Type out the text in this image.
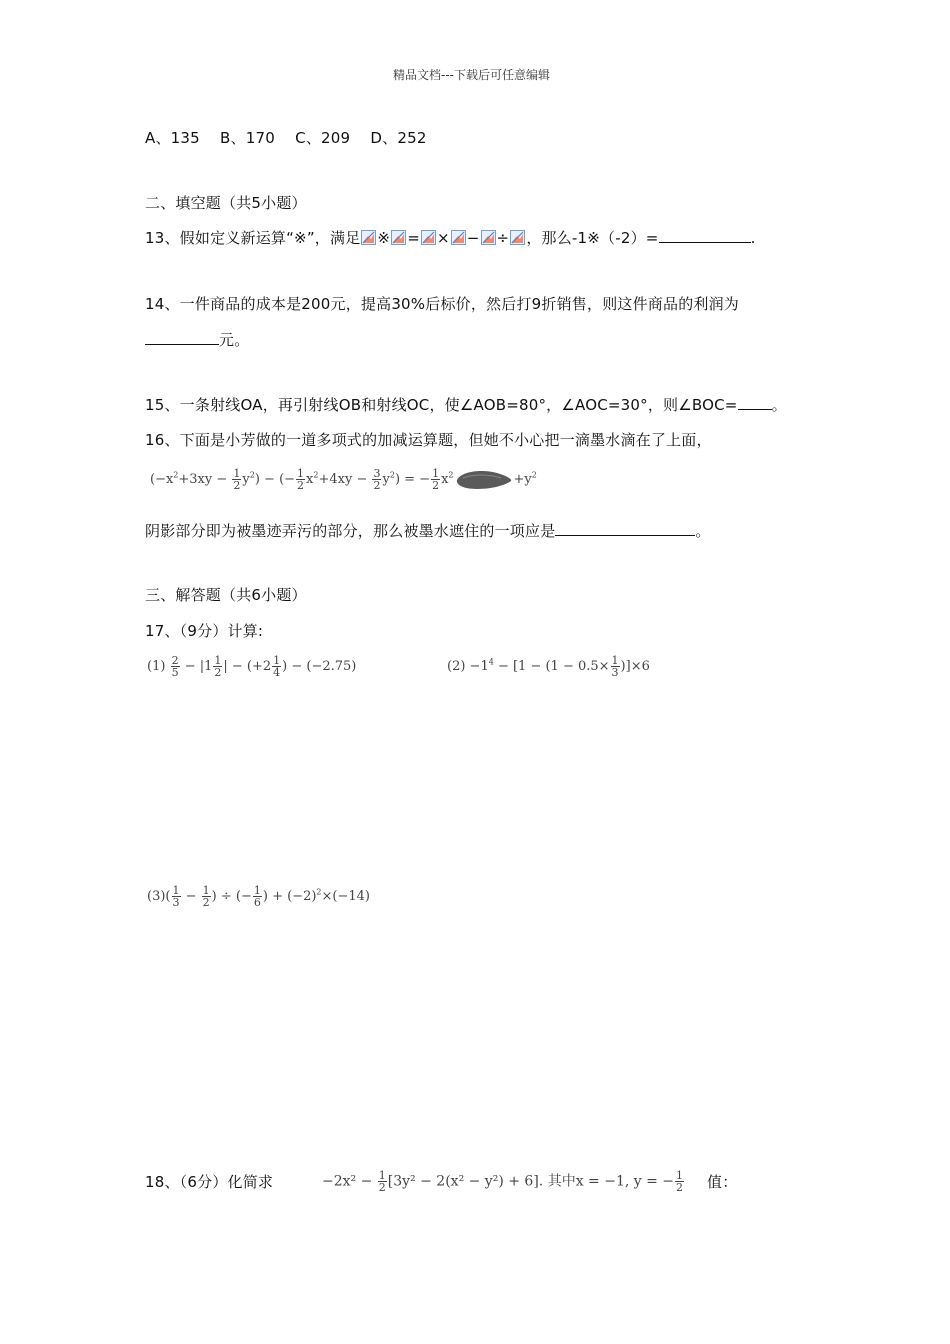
精品文档---下载后可任意编辑
A、135　 B、170　 C、209　 D、252
二、填空题（共5小题）
13、假如定义新运算“※”，满足 ※ = × − ÷ ，那么-1※（-2）=	.
14、一件商品的成本是200元，提高30%后标价，然后打9折销售，则这件商品的利润为
元。
15、一条射线OA，再引射线OB和射线OC，使∠AOB=80°，∠AOC=30°，则∠BOC= 。
16、下面是小芳做的一道多项式的加减运算题，但她不小心把一滴墨水滴在了上面，
$(-x^2+3xy - \frac{1}{2} y^2)$ − (− $\frac{1}{2} x^2+4xy - \frac{3}{2} y^2$) = − $\frac{1}{2} x^2$	$+y^2$
阴影部分即为被墨迹弄污的部分，那么被墨水遮住的一项应是	。
三、解答题（共6小题）
17、（9分）计算:
$(1) \frac{2}{5} - |1 \frac{1}{2}$ | − ($+2 \frac{1}{4}$ ) − (−2.75)	$(2) -1^4 - [1 - (1 - 0.5\times \frac{1}{3} )]\times 6$
$(3)( \frac{1}{3} - \frac{1}{2}$ ) ÷ (− $\frac{1}{6}$ ) + $(-2)^2\times(-14)$
18、（6分）化简求	$-2x^2 - \frac{1}{2} [3y^2 - 2(x^2 - y^2) + 6]$. 其中x = −1, y = − $\frac{1}{2}$ 值：
